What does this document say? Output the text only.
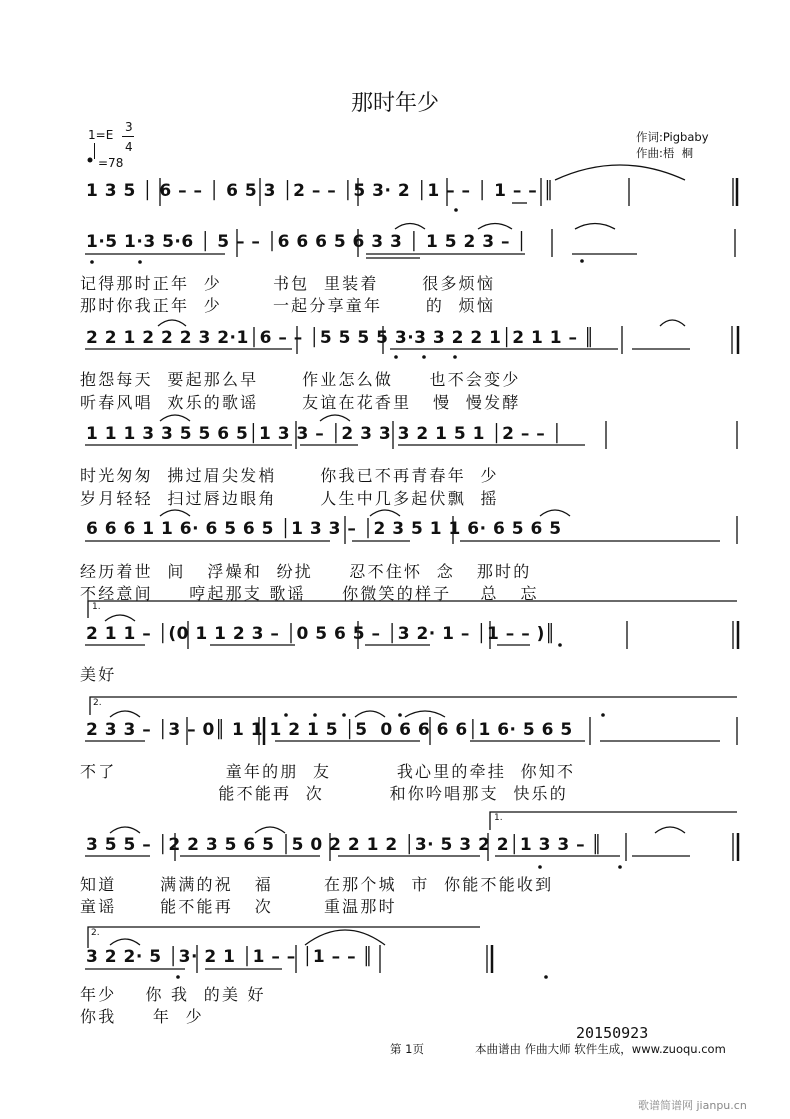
那时年少
1=E
3
4
=78
作词:Pigbaby
作曲:梧  桐
1 3 5 │ 6 – – │ 6 5 3 │2 – – │5 3· 2 │1 – – │ 1 – – ║
1·5 1·3 5·6 │ 5 – – │6 6 6 5 6 3 3 │ 1 5 2 3 – │
记得那时正年  少       书包  里装着      很多烦恼
那时你我正年  少       一起分享童年      的  烦恼
2 2 1 2 2 2 3 2·1│6 – – │5 5 5 5 3·3 3 2 2 1│2 1 1 – ║
抱怨每天  要起那么早      作业怎么做     也不会变少
听春风唱  欢乐的歌谣      友谊在花香里   慢  慢发酵
1 1 1 3 3 5 5 6 5│1 3 3 – │2 3 3 3 2 1 5 1 │2 – – │
时光匆匆  拂过眉尖发梢      你我已不再青春年  少
岁月轻轻  扫过唇边眼角      人生中几多起伏飘  摇
6 6 6 1 1 6· 6 5 6 5 │1 3 3 – │2 3 5 1 1 6· 6 5 6 5
经历着世  间   浮燥和  纷扰     忍不住怀  念   那时的
不经意间     哼起那支 歌谣     你微笑的样子    总   忘
1.
2 1 1 – │(0 1 1 2 3 – │0 5 6 5 – │3 2· 1 – │1 – – )║
美好
2.
2 3 3 – │3 – 0║ 1 1 1 2 1 5 │5  0 6 6 6 6│1 6· 5 6 5
不了               童年的朋  友         我心里的牵挂  你知不
能不能再  次         和你吟唱那支  快乐的
1.
3 5 5 – │2 2 3 5 6 5 │5 0 2 2 1 2 │3· 5 3 2 2│1 3 3 – ║
知道      满满的祝   福       在那个城  市  你能不能收到
童谣      能不能再   次       重温那时
2.
3 2 2· 5 │3· 2 1 │1 – – │1 – – ║
年少    你 我  的美 好
你我     年  少
20150923
第 1页	本曲谱由 作曲大师 软件生成，www.zuoqu.com
歌谱简谱网 jianpu.cn
